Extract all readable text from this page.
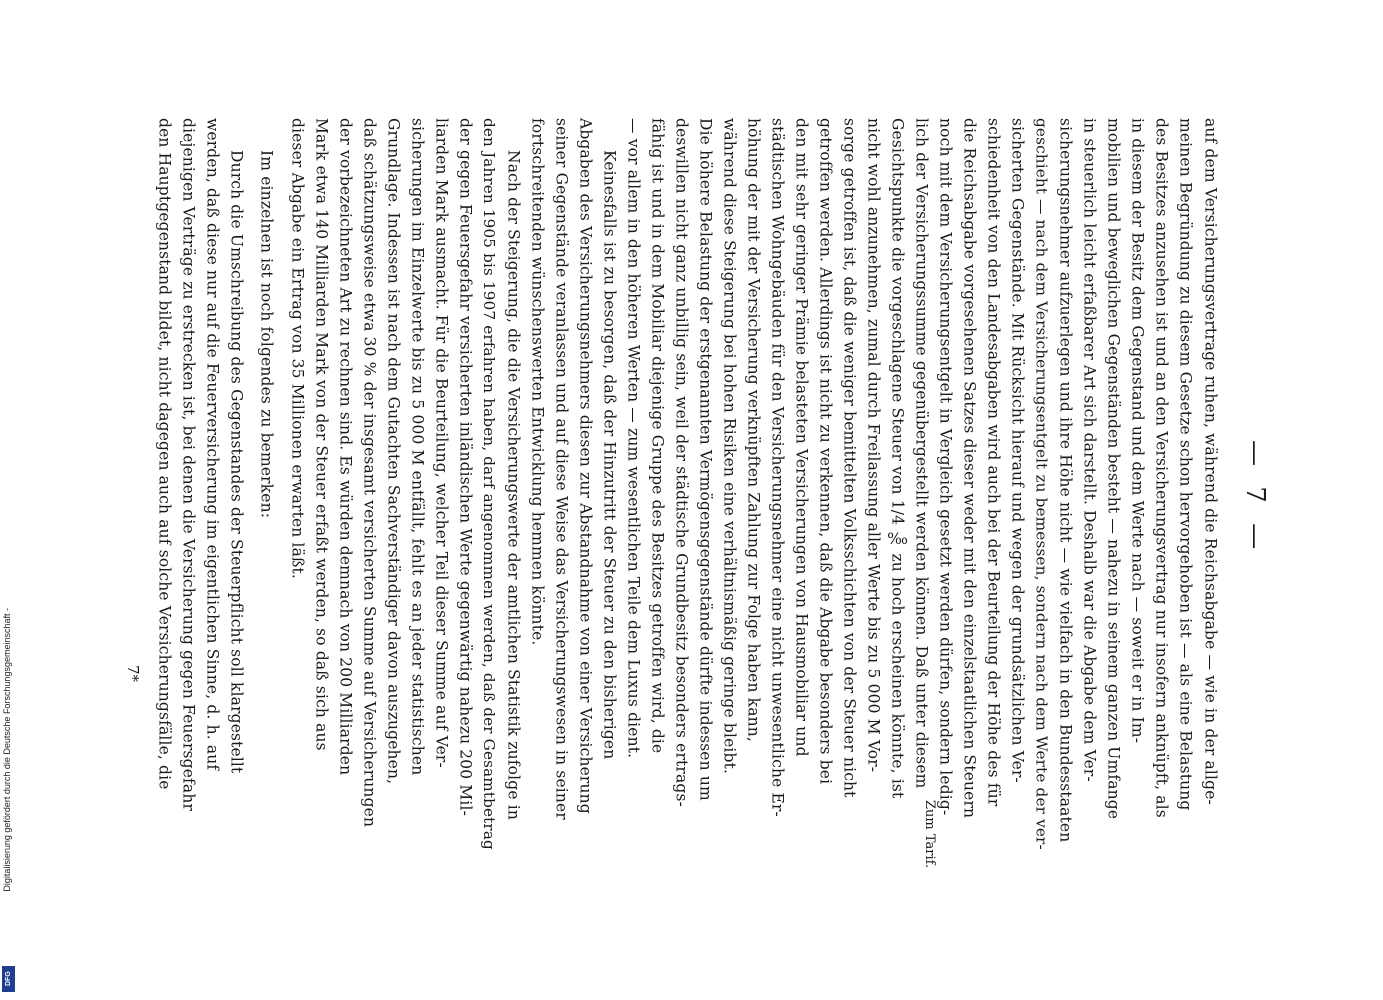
— 7 —
auf dem Versicherungsvertrage ruhen, während die Reichsabgabe — wie in der allge-
meinen Begründung zu diesem Gesetze schon hervorgehoben ist — als eine Belastung
des Besitzes anzusehen ist und an den Versicherungsvertrag nur insofern anknüpft, als
in diesem der Besitz dem Gegenstand und dem Werte nach — soweit er in Im-
mobilien und beweglichen Gegenständen besteht — nahezu in seinem ganzen Umfange
in steuerlich leicht erfaßbarer Art sich darstellt. Deshalb war die Abgabe dem Ver-
sicherungsnehmer aufzuerlegen und ihre Höhe nicht — wie vielfach in den Bundesstaaten
geschieht — nach dem Versicherungsentgelt zu bemessen, sondern nach dem Werte der ver-
sicherten Gegenstände. Mit Rücksicht hierauf und wegen der grundsätzlichen Ver-
schiedenheit von den Landesabgaben wird auch bei der Beurteilung der Höhe des für
die Reichsabgabe vorgesehenen Satzes dieser weder mit den einzelstaatlichen Steuern
noch mit dem Versicherungsentgelt in Vergleich gesetzt werden dürfen, sondern ledig-
lich der Versicherungssumme gegenübergestellt werden können. Daß unter diesem
Gesichtspunkte die vorgeschlagene Steuer von 1/4 ‰ zu hoch erscheinen könnte, ist
nicht wohl anzunehmen, zumal durch Freilassung aller Werte bis zu 5 000 M Vor-
sorge getroffen ist, daß die weniger bemittelten Volksschichten von der Steuer nicht
getroffen werden. Allerdings ist nicht zu verkennen, daß die Abgabe besonders bei
den mit sehr geringer Prämie belasteten Versicherungen von Hausmobiliar und
städtischen Wohngebäuden für den Versicherungsnehmer eine nicht unwesentliche Er-
höhung der mit der Versicherung verknüpften Zahlung zur Folge haben kann,
während diese Steigerung bei hohen Risiken eine verhältnismäßig geringe bleibt.
Die höhere Belastung der erstgenannten Vermögensgegenstände dürfte indessen um
deswillen nicht ganz unbillig sein, weil der städtische Grundbesitz besonders ertrags-
fähig ist und in dem Mobiliar diejenige Gruppe des Besitzes getroffen wird, die
— vor allem in den höheren Werten — zum wesentlichen Teile dem Luxus dient.
Keinesfalls ist zu besorgen, daß der Hinzutritt der Steuer zu den bisherigen
Abgaben des Versicherungsnehmers diesen zur Abstandnahme von einer Versicherung
seiner Gegenstände veranlassen und auf diese Weise das Versicherungswesen in seiner
fortschreitenden wünschenswerten Entwicklung hemmen könnte.
Nach der Steigerung, die die Versicherungswerte der amtlichen Statistik zufolge in
den Jahren 1905 bis 1907 erfahren haben, darf angenommen werden, daß der Gesamtbetrag
der gegen Feuersgefahr versicherten inländischen Werte gegenwärtig nahezu 200 Mil-
liarden Mark ausmacht. Für die Beurteilung, welcher Teil dieser Summe auf Ver-
sicherungen im Einzelwerte bis zu 5 000 M entfällt, fehlt es an jeder statistischen
Grundlage. Indessen ist nach dem Gutachten Sachverständiger davon auszugehen,
daß schätzungsweise etwa 30 % der insgesamt versicherten Summe auf Versicherungen
der vorbezeichneten Art zu rechnen sind. Es würden demnach von 200 Milliarden
Mark etwa 140 Milliarden Mark von der Steuer erfaßt werden, so daß sich aus
dieser Abgabe ein Ertrag von 35 Millionen erwarten läßt.
Im einzelnen ist noch folgendes zu bemerken:
Durch die Umschreibung des Gegenstandes der Steuerpflicht soll klargestellt
werden, daß diese nur auf die Feuerversicherung im eigentlichen Sinne, d. h. auf
diejenigen Verträge zu erstrecken ist, bei denen die Versicherung gegen Feuersgefahr
den Hauptgegenstand bildet, nicht dagegen auch auf solche Versicherungsfälle, die
Zum Tarif.
7*
Digitalisierung gefördert durch die Deutsche Forschungsgemeinschaft -
DFG
